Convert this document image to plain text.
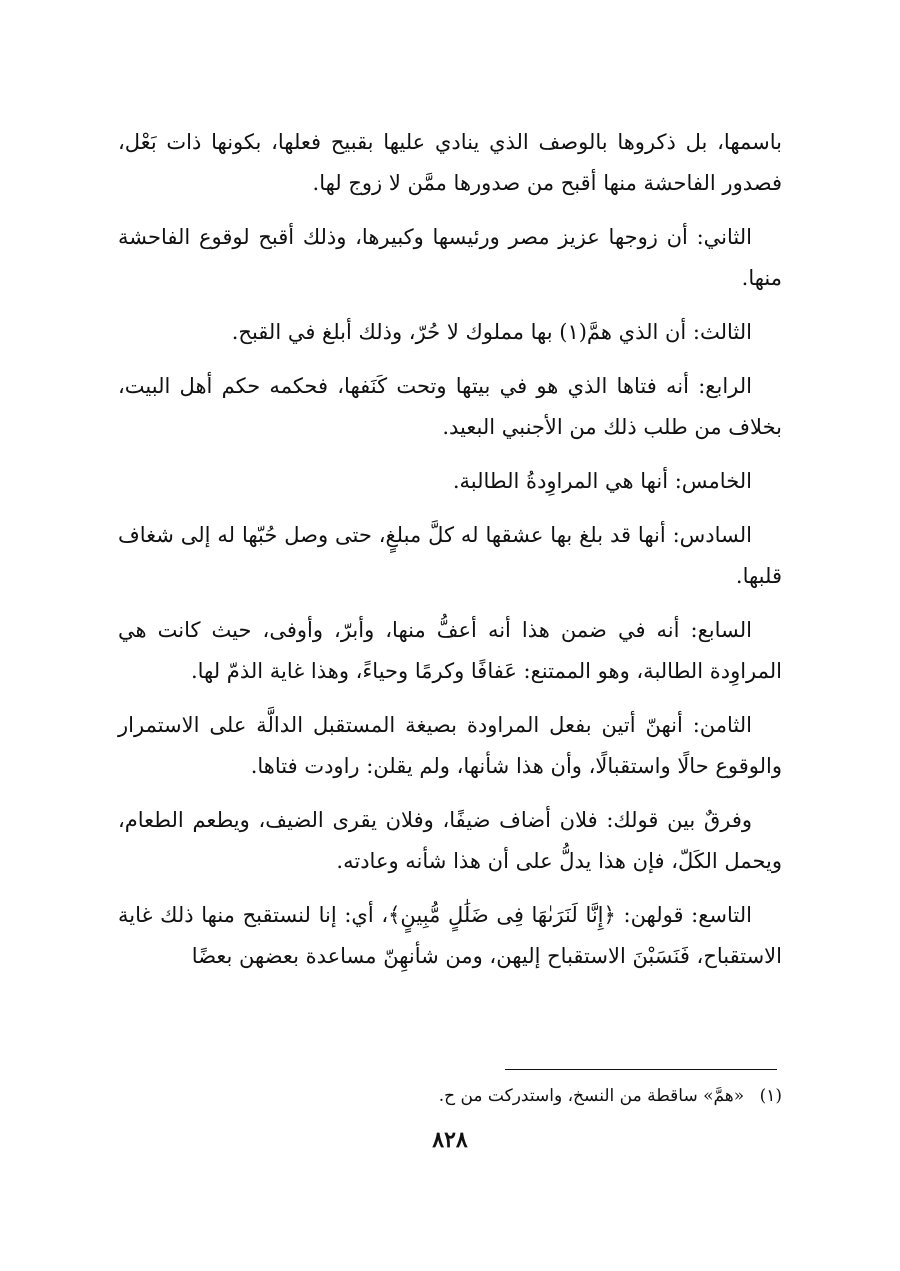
باسمها، بل ذكروها بالوصف الذي ينادي عليها بقبيح فعلها، بكونها ذات بَعْل، فصدور الفاحشة منها أقبح من صدورها ممَّن لا زوج لها.

الثاني: أن زوجها عزيز مصر ورئيسها وكبيرها، وذلك أقبح لوقوع الفاحشة منها.

الثالث: أن الذي همَّ(١) بها مملوك لا حُرّ، وذلك أبلغ في القبح.

الرابع: أنه فتاها الذي هو في بيتها وتحت كَنَفها، فحكمه حكم أهل البيت، بخلاف من طلب ذلك من الأجنبي البعيد.

الخامس: أنها هي المراوِدةُ الطالبة.

السادس: أنها قد بلغ بها عشقها له كلَّ مبلغٍ، حتى وصل حُبّها له إلى شغاف قلبها.

السابع: أنه في ضمن هذا أنه أعفُّ منها، وأبرّ، وأوفى، حيث كانت هي المراوِدة الطالبة، وهو الممتنع: عَفافًا وكرمًا وحياءً، وهذا غاية الذمّ لها.

الثامن: أنهنّ أتين بفعل المراودة بصيغة المستقبل الدالَّة على الاستمرار والوقوع حالًا واستقبالًا، وأن هذا شأنها، ولم يقلن: راودت فتاها.

وفرقٌ بين قولك: فلان أضاف ضيفًا، وفلان يقرى الضيف، ويطعم الطعام، ويحمل الكَلّ، فإن هذا يدلُّ على أن هذا شأنه وعادته.

التاسع: قولهن: ﴿إِنَّا لَنَرَىٰهَا فِى ضَلَٰلٍ مُّبِينٍ﴾، أي: إنا لنستقبح منها ذلك غاية الاستقباح، فَنَسَبْنَ الاستقباح إليهن، ومن شأنهِنّ مساعدة بعضهن بعضًا

(١) «همَّ» ساقطة من النسخ، واستدركت من ح.
٨٢٨
